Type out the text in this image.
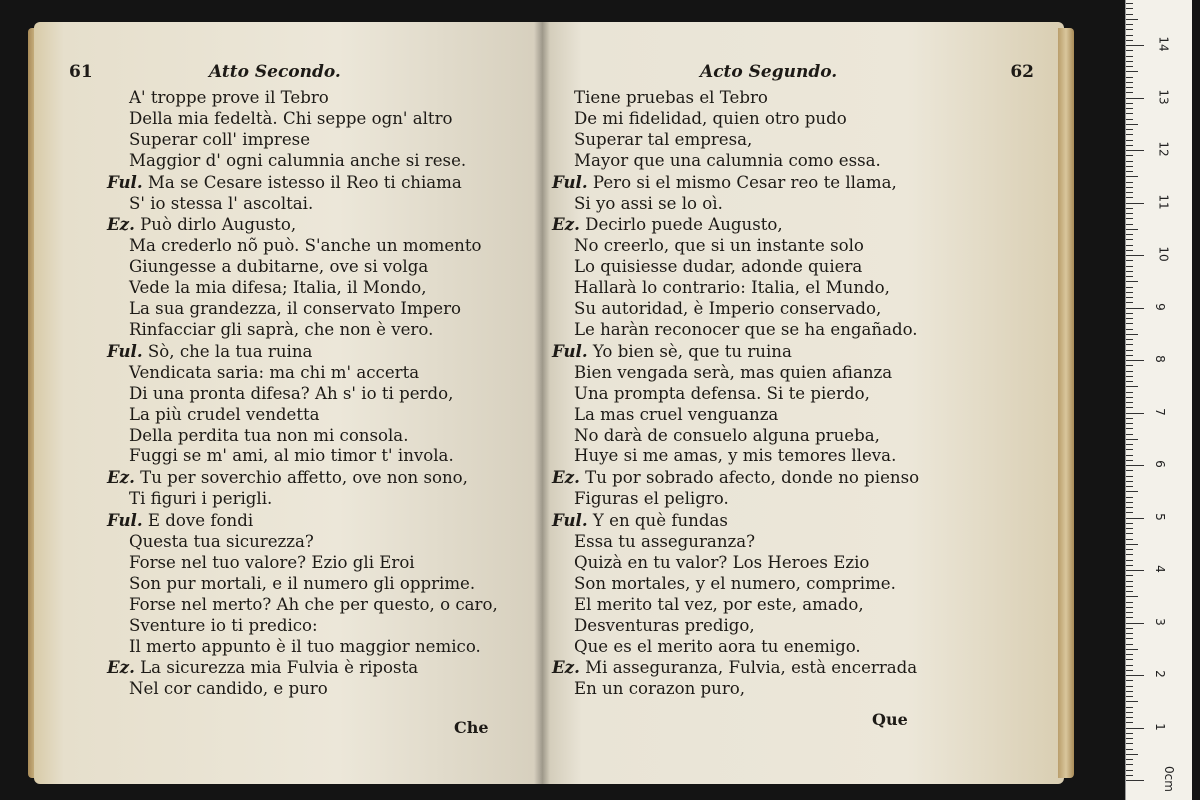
61	Atto Secondo.
A' troppe prove il Tebro
Della mia fedeltà. Chi seppe ogn' altro
Superar coll' imprese
Maggior d' ogni calumnia anche si rese.
Ful. Ma se Cesare istesso il Reo ti chiama
S' io stessa l' ascoltai.
Ez. Può dirlo Augusto,
Ma crederlo nõ può. S'anche un momento
Giungesse a dubitarne, ove si volga
Vede la mia difesa; Italia, il Mondo,
La sua grandezza, il conservato Impero
Rinfacciar gli saprà, che non è vero.
Ful. Sò, che la tua ruina
Vendicata saria: ma chi m' accerta
Di una pronta difesa? Ah s' io ti perdo,
La più crudel vendetta
Della perdita tua non mi consola.
Fuggi se m' ami, al mio timor t' invola.
Ez. Tu per soverchio affetto, ove non sono,
Ti figuri i perigli.
Ful. E dove fondi
Questa tua sicurezza?
Forse nel tuo valore? Ezio gli Eroi
Son pur mortali, e il numero gli opprime.
Forse nel merto? Ah che per questo, o caro,
Sventure io ti predico:
Il merto appunto è il tuo maggior nemico.
Ez. La sicurezza mia Fulvia è riposta
Nel cor candido, e puro
Che
Acto Segundo.	62
Tiene pruebas el Tebro
De mi fidelidad, quien otro pudo
Superar tal empresa,
Mayor que una calumnia como essa.
Ful. Pero si el mismo Cesar reo te llama,
Si yo assi se lo oì.
Ez. Decirlo puede Augusto,
No creerlo, que si un instante solo
Lo quisiesse dudar, adonde quiera
Hallarà lo contrario: Italia, el Mundo,
Su autoridad, è Imperio conservado,
Le haràn reconocer que se ha engañado.
Ful. Yo bien sè, que tu ruina
Bien vengada serà, mas quien afianza
Una prompta defensa. Si te pierdo,
La mas cruel venguanza
No darà de consuelo alguna prueba,
Huye si me amas, y mis temores lleva.
Ez. Tu por sobrado afecto, donde no pienso
Figuras el peligro.
Ful. Y en què fundas
Essa tu asseguranza?
Quizà en tu valor? Los Heroes Ezio
Son mortales, y el numero, comprime.
El merito tal vez, por este, amado,
Desventuras predigo,
Que es el merito aora tu enemigo.
Ez. Mi asseguranza, Fulvia, està encerrada
En un corazon puro,
Que
0cm
1
2
3
4
5
6
7
8
9
10
11
12
13
14
